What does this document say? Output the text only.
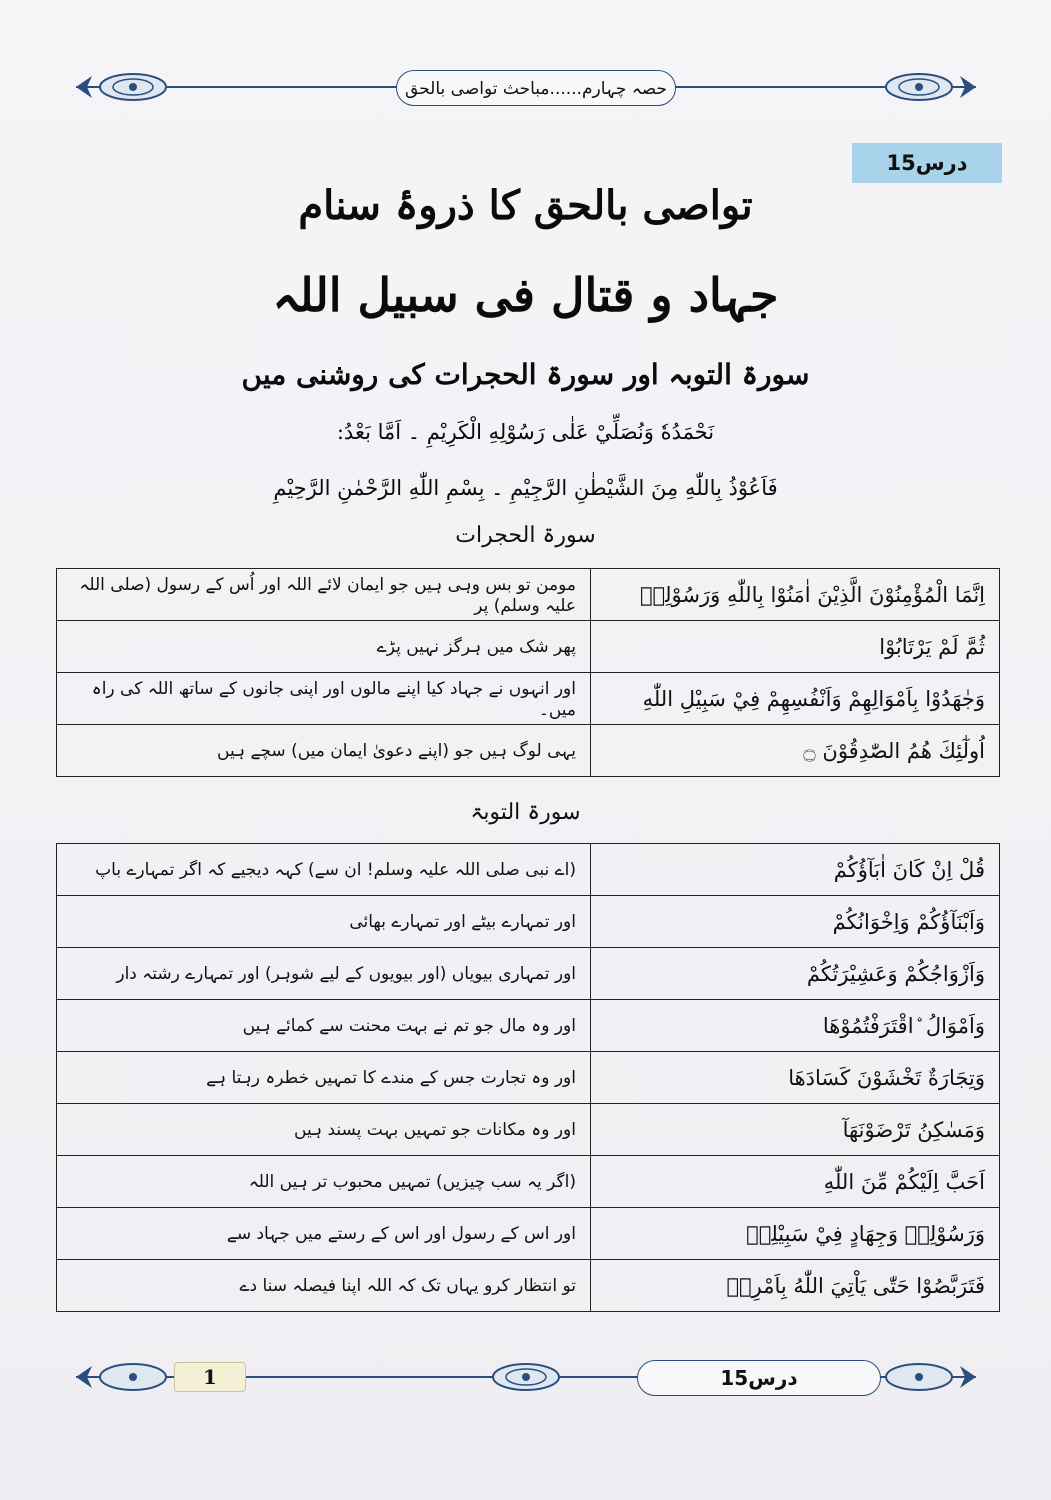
حصہ چہارم......مباحث تواصی بالحق
درس15
تواصی بالحق کا ذروۂ سنام
جہاد و قتال فی سبیل اللہ
سورۃ التوبہ اور سورۃ الحجرات کی روشنی میں
نَحْمَدُهٗ وَنُصَلِّيْ عَلٰى رَسُوْلِهِ الْكَرِيْمِ ۔ اَمَّا بَعْدُ:
فَاَعُوْذُ بِاللّٰهِ مِنَ الشَّيْطٰنِ الرَّجِيْمِ ۔ بِسْمِ اللّٰهِ الرَّحْمٰنِ الرَّحِيْمِ
سورۃ الحجرات
اِنَّمَا الْمُؤْمِنُوْنَ الَّذِيْنَ اٰمَنُوْا بِاللّٰهِ وَرَسُوْلِهٖ	مومن تو بس وہی ہیں جو ایمان لائے اللہ اور اُس کے رسول (صلی اللہ علیہ وسلم) پر
ثُمَّ لَمْ يَرْتَابُوْا	پھر شک میں ہرگز نہیں پڑے
وَجٰهَدُوْا بِاَمْوَالِهِمْ وَاَنْفُسِهِمْ فِيْ سَبِيْلِ اللّٰهِ	اور انہوں نے جہاد کیا اپنے مالوں اور اپنی جانوں کے ساتھ اللہ کی راہ میں۔
اُولٰٓئِكَ هُمُ الصّٰدِقُوْنَ ۝	یہی لوگ ہیں جو (اپنے دعویٰ ایمان میں) سچے ہیں
سورۃ التوبۃ
قُلْ اِنْ كَانَ اٰبَآؤُكُمْ	(اے نبی صلی اللہ علیہ وسلم! ان سے) کہہ دیجیے کہ اگر تمہارے باپ
وَاَبْنَآؤُكُمْ وَاِخْوَانُكُمْ	اور تمہارے بیٹے اور تمہارے بھائی
وَاَزْوَاجُكُمْ وَعَشِيْرَتُكُمْ	اور تمہاری بیویاں (اور بیویوں کے لیے شوہر) اور تمہارے رشتہ دار
وَاَمْوَالُ ۨاقْتَرَفْتُمُوْهَا	اور وہ مال جو تم نے بہت محنت سے کمائے ہیں
وَتِجَارَةٌ تَخْشَوْنَ كَسَادَهَا	اور وہ تجارت جس کے مندے کا تمہیں خطرہ رہتا ہے
وَمَسٰكِنُ تَرْضَوْنَهَآ	اور وہ مکانات جو تمہیں بہت پسند ہیں
اَحَبَّ اِلَيْكُمْ مِّنَ اللّٰهِ	(اگر یہ سب چیزیں) تمہیں محبوب تر ہیں اللہ
وَرَسُوْلِهٖ وَجِهَادٍ فِيْ سَبِيْلِهٖ	اور اس کے رسول اور اس کے رستے میں جہاد سے
فَتَرَبَّصُوْا حَتّٰى يَاْتِيَ اللّٰهُ بِاَمْرِهٖ	تو انتظار کرو یہاں تک کہ اللہ اپنا فیصلہ سنا دے
1	درس15
